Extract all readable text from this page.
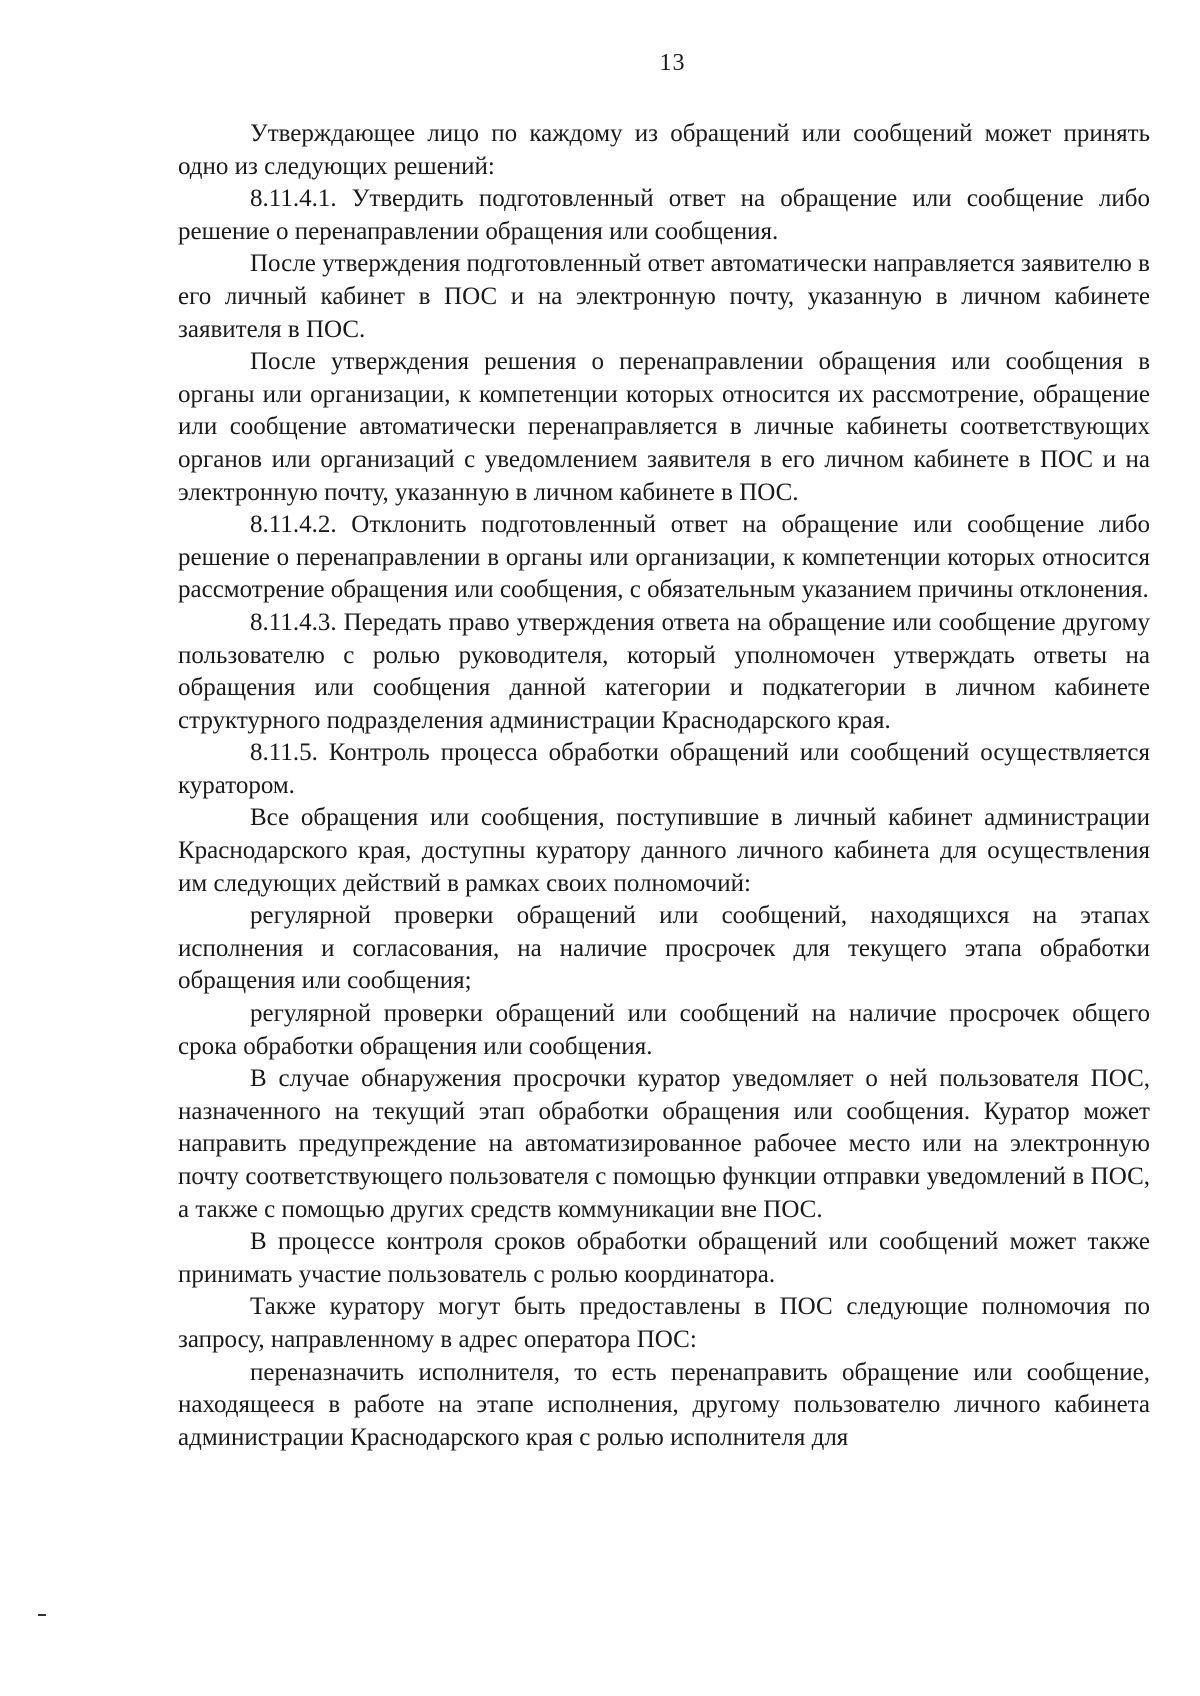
13

Утверждающее лицо по каждому из обращений или сообщений может принять одно из следующих решений:

8.11.4.1. Утвердить подготовленный ответ на обращение или сообщение либо решение о перенаправлении обращения или сообщения.

После утверждения подготовленный ответ автоматически направляется заявителю в его личный кабинет в ПОС и на электронную почту, указанную в личном кабинете заявителя в ПОС.

После утверждения решения о перенаправлении обращения или сообщения в органы или организации, к компетенции которых относится их рассмотрение, обращение или сообщение автоматически перенаправляется в личные кабинеты соответствующих органов или организаций с уведомлением заявителя в его личном кабинете в ПОС и на электронную почту, указанную в личном кабинете в ПОС.

8.11.4.2. Отклонить подготовленный ответ на обращение или сообщение либо решение о перенаправлении в органы или организации, к компетенции которых относится рассмотрение обращения или сообщения, с обязательным указанием причины отклонения.

8.11.4.3. Передать право утверждения ответа на обращение или сообщение другому пользователю с ролью руководителя, который уполномочен утверждать ответы на обращения или сообщения данной категории и подкатегории в личном кабинете структурного подразделения администрации Краснодарского края.

8.11.5. Контроль процесса обработки обращений или сообщений осуществляется куратором.

Все обращения или сообщения, поступившие в личный кабинет администрации Краснодарского края, доступны куратору данного личного кабинета для осуществления им следующих действий в рамках своих полномочий:

регулярной проверки обращений или сообщений, находящихся на этапах исполнения и согласования, на наличие просрочек для текущего этапа обработки обращения или сообщения;

регулярной проверки обращений или сообщений на наличие просрочек общего срока обработки обращения или сообщения.

В случае обнаружения просрочки куратор уведомляет о ней пользователя ПОС, назначенного на текущий этап обработки обращения или сообщения. Куратор может направить предупреждение на автоматизированное рабочее место или на электронную почту соответствующего пользователя с помощью функции отправки уведомлений в ПОС, а также с помощью других средств коммуникации вне ПОС.

В процессе контроля сроков обработки обращений или сообщений может также принимать участие пользователь с ролью координатора.

Также куратору могут быть предоставлены в ПОС следующие полномочия по запросу, направленному в адрес оператора ПОС:

переназначить исполнителя, то есть перенаправить обращение или сообщение, находящееся в работе на этапе исполнения, другому пользователю личного кабинета администрации Краснодарского края с ролью исполнителя для
